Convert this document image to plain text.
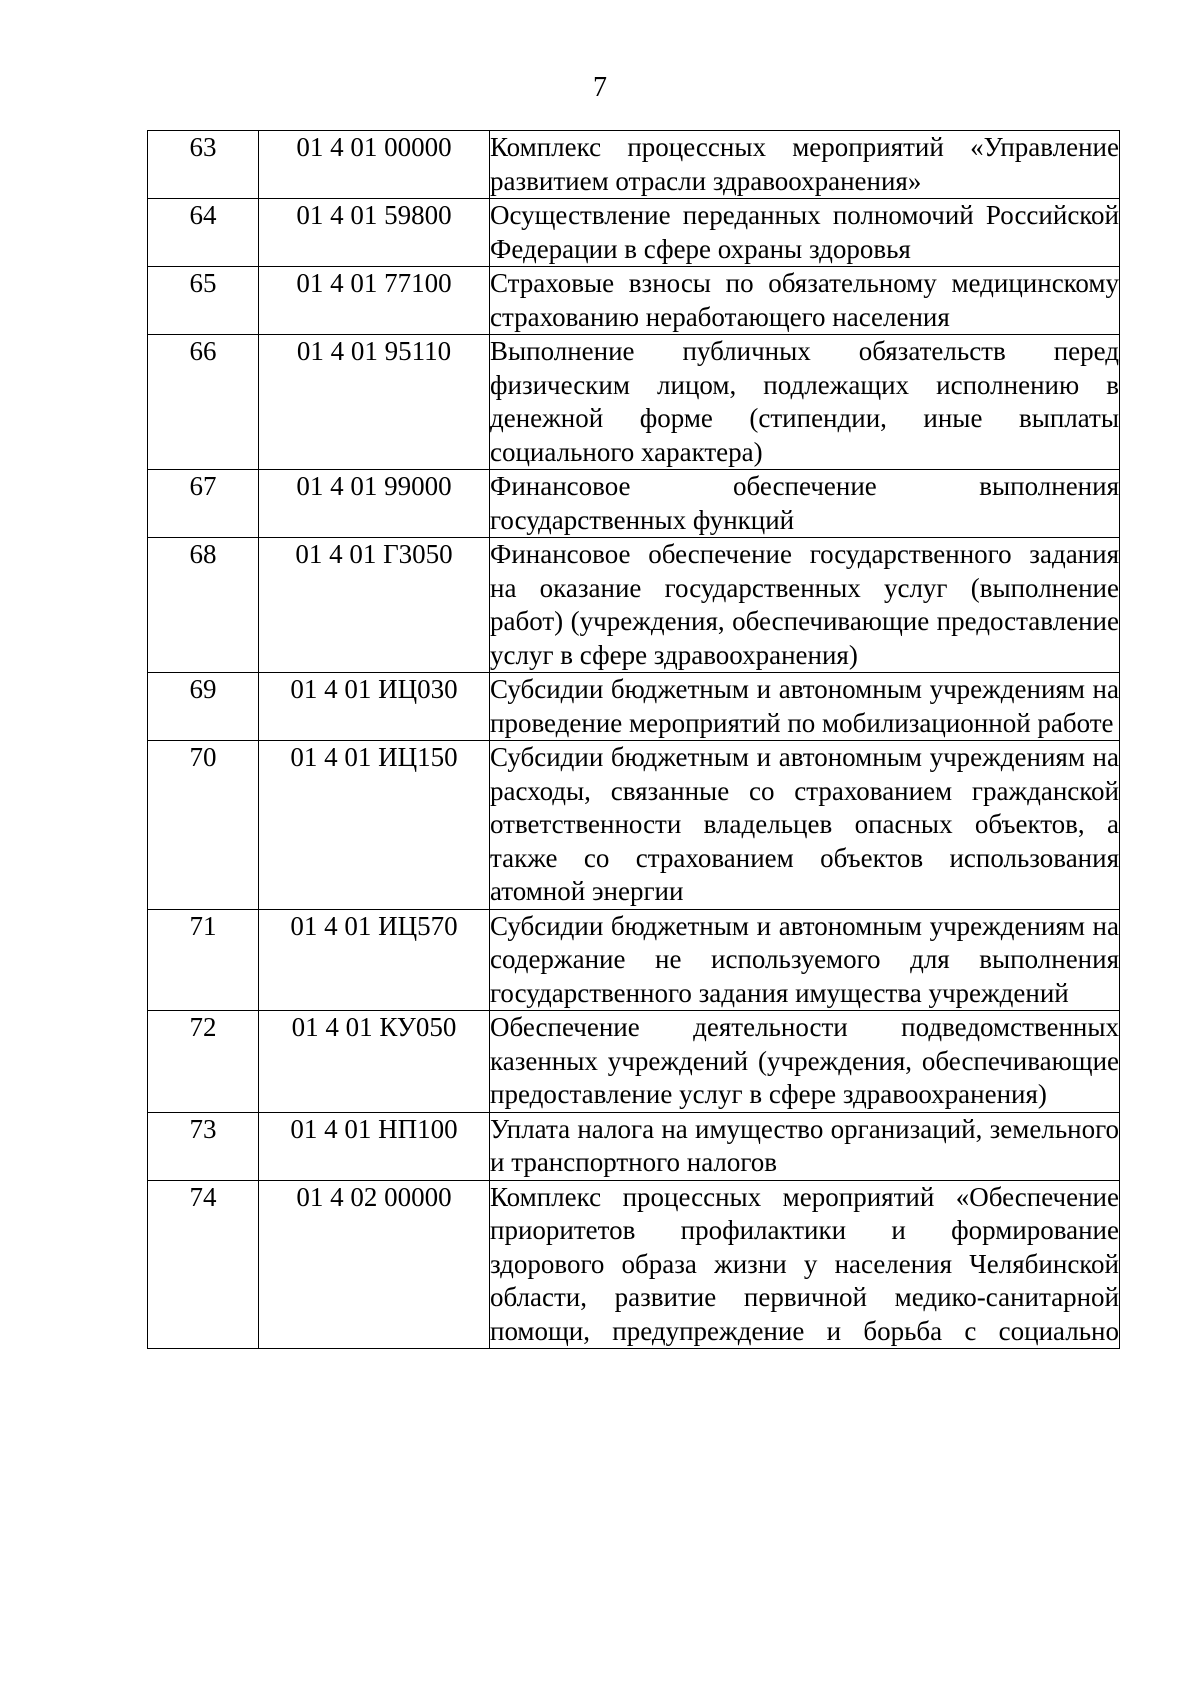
7
63	01 4 01 00000	Комплекс процессных мероприятий «Управление развитием отрасли здравоохранения»
64	01 4 01 59800	Осуществление переданных полномочий Российской Федерации в сфере охраны здоровья
65	01 4 01 77100	Страховые взносы по обязательному медицинскому страхованию неработающего населения
66	01 4 01 95110	Выполнение публичных обязательств перед физическим лицом, подлежащих исполнению в денежной форме (стипендии, иные выплаты социального характера)
67	01 4 01 99000	Финансовое обеспечение выполнения государственных функций
68	01 4 01 Г3050	Финансовое обеспечение государственного задания на оказание государственных услуг (выполнение работ) (учреждения, обеспечивающие предоставление услуг в сфере здравоохранения)
69	01 4 01 ИЦ030	Субсидии бюджетным и автономным учреждениям на проведение мероприятий по мобилизационной работе
70	01 4 01 ИЦ150	Субсидии бюджетным и автономным учреждениям на расходы, связанные со страхованием гражданской ответственности владельцев опасных объектов, а также со страхованием объектов использования атомной энергии
71	01 4 01 ИЦ570	Субсидии бюджетным и автономным учреждениям на содержание не используемого для выполнения государственного задания имущества учреждений
72	01 4 01 КУ050	Обеспечение деятельности подведомственных казенных учреждений (учреждения, обеспечивающие предоставление услуг в сфере здравоохранения)
73	01 4 01 НП100	Уплата налога на имущество организаций, земельного и транспортного налогов
74	01 4 02 00000	Комплекс процессных мероприятий «Обеспечение приоритетов профилактики и формирование здорового образа жизни у населения Челябинской области, развитие первичной медико-санитарной помощи, предупреждение и борьба с социально
